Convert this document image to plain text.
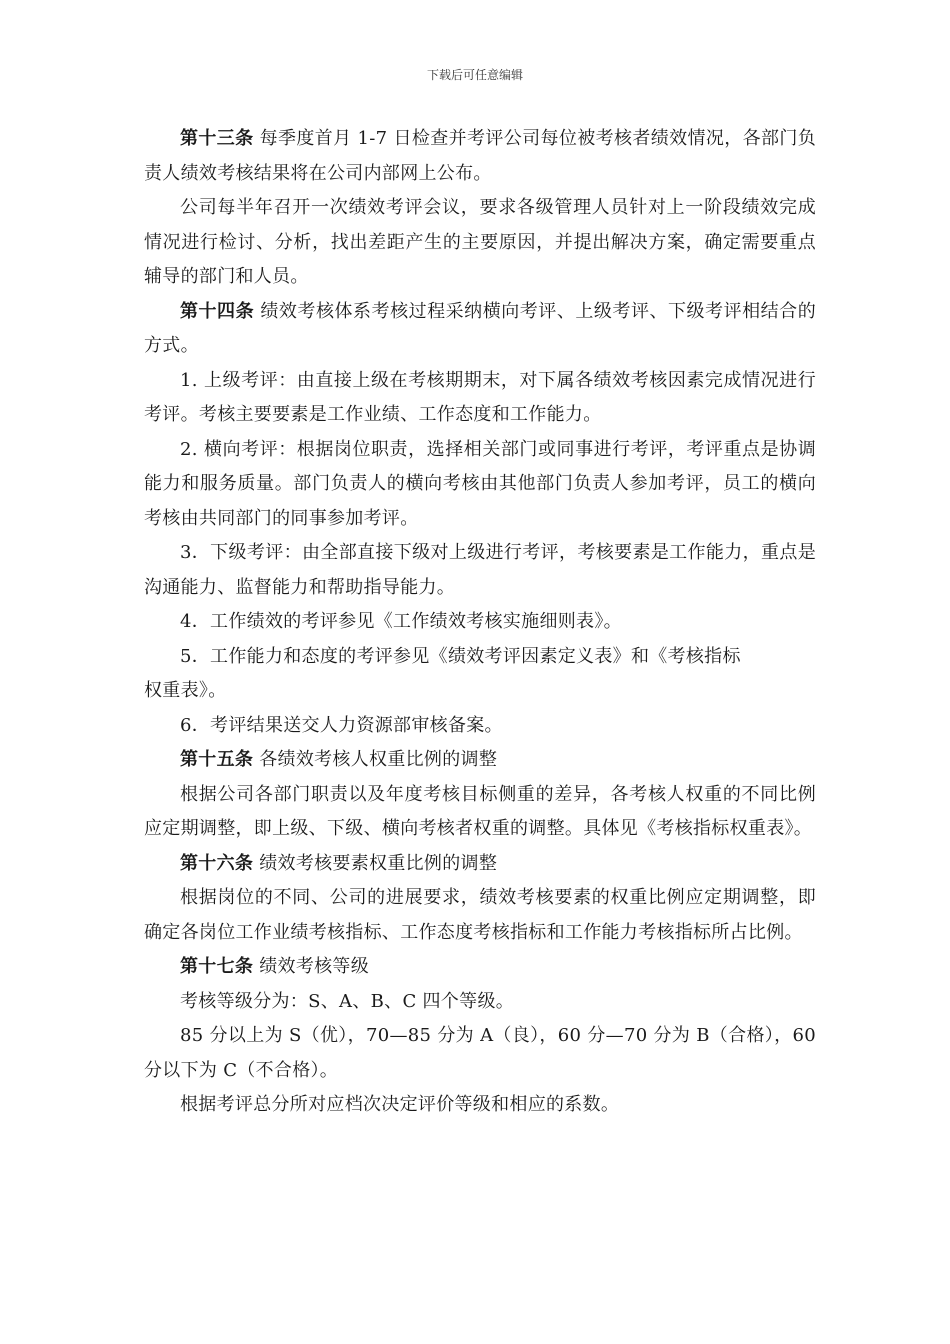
下载后可任意编辑

第十三条 每季度首月 1-7 日检查并考评公司每位被考核者绩效情况，各部门负责人绩效考核结果将在公司内部网上公布。

公司每半年召开一次绩效考评会议，要求各级管理人员针对上一阶段绩效完成情况进行检讨、分析，找出差距产生的主要原因，并提出解决方案，确定需要重点辅导的部门和人员。

第十四条 绩效考核体系考核过程采纳横向考评、上级考评、下级考评相结合的方式。

1. 上级考评：由直接上级在考核期期末，对下属各绩效考核因素完成情况进行考评。考核主要要素是工作业绩、工作态度和工作能力。

2. 横向考评：根据岗位职责，选择相关部门或同事进行考评，考评重点是协调能力和服务质量。部门负责人的横向考核由其他部门负责人参加考评，员工的横向考核由共同部门的同事参加考评。

3．下级考评：由全部直接下级对上级进行考评，考核要素是工作能力，重点是沟通能力、监督能力和帮助指导能力。

4．工作绩效的考评参见《工作绩效考核实施细则表》。

5．工作能力和态度的考评参见《绩效考评因素定义表》和《考核指标

权重表》。

6．考评结果送交人力资源部审核备案。

第十五条 各绩效考核人权重比例的调整

根据公司各部门职责以及年度考核目标侧重的差异，各考核人权重的不同比例应定期调整，即上级、下级、横向考核者权重的调整。具体见《考核指标权重表》。

第十六条 绩效考核要素权重比例的调整

根据岗位的不同、公司的进展要求，绩效考核要素的权重比例应定期调整，即确定各岗位工作业绩考核指标、工作态度考核指标和工作能力考核指标所占比例。

第十七条 绩效考核等级

考核等级分为：S、A、B、C 四个等级。

85 分以上为 S（优），70—85 分为 A（良），60 分—70 分为 B（合格），60 分以下为 C（不合格）。

根据考评总分所对应档次决定评价等级和相应的系数。
